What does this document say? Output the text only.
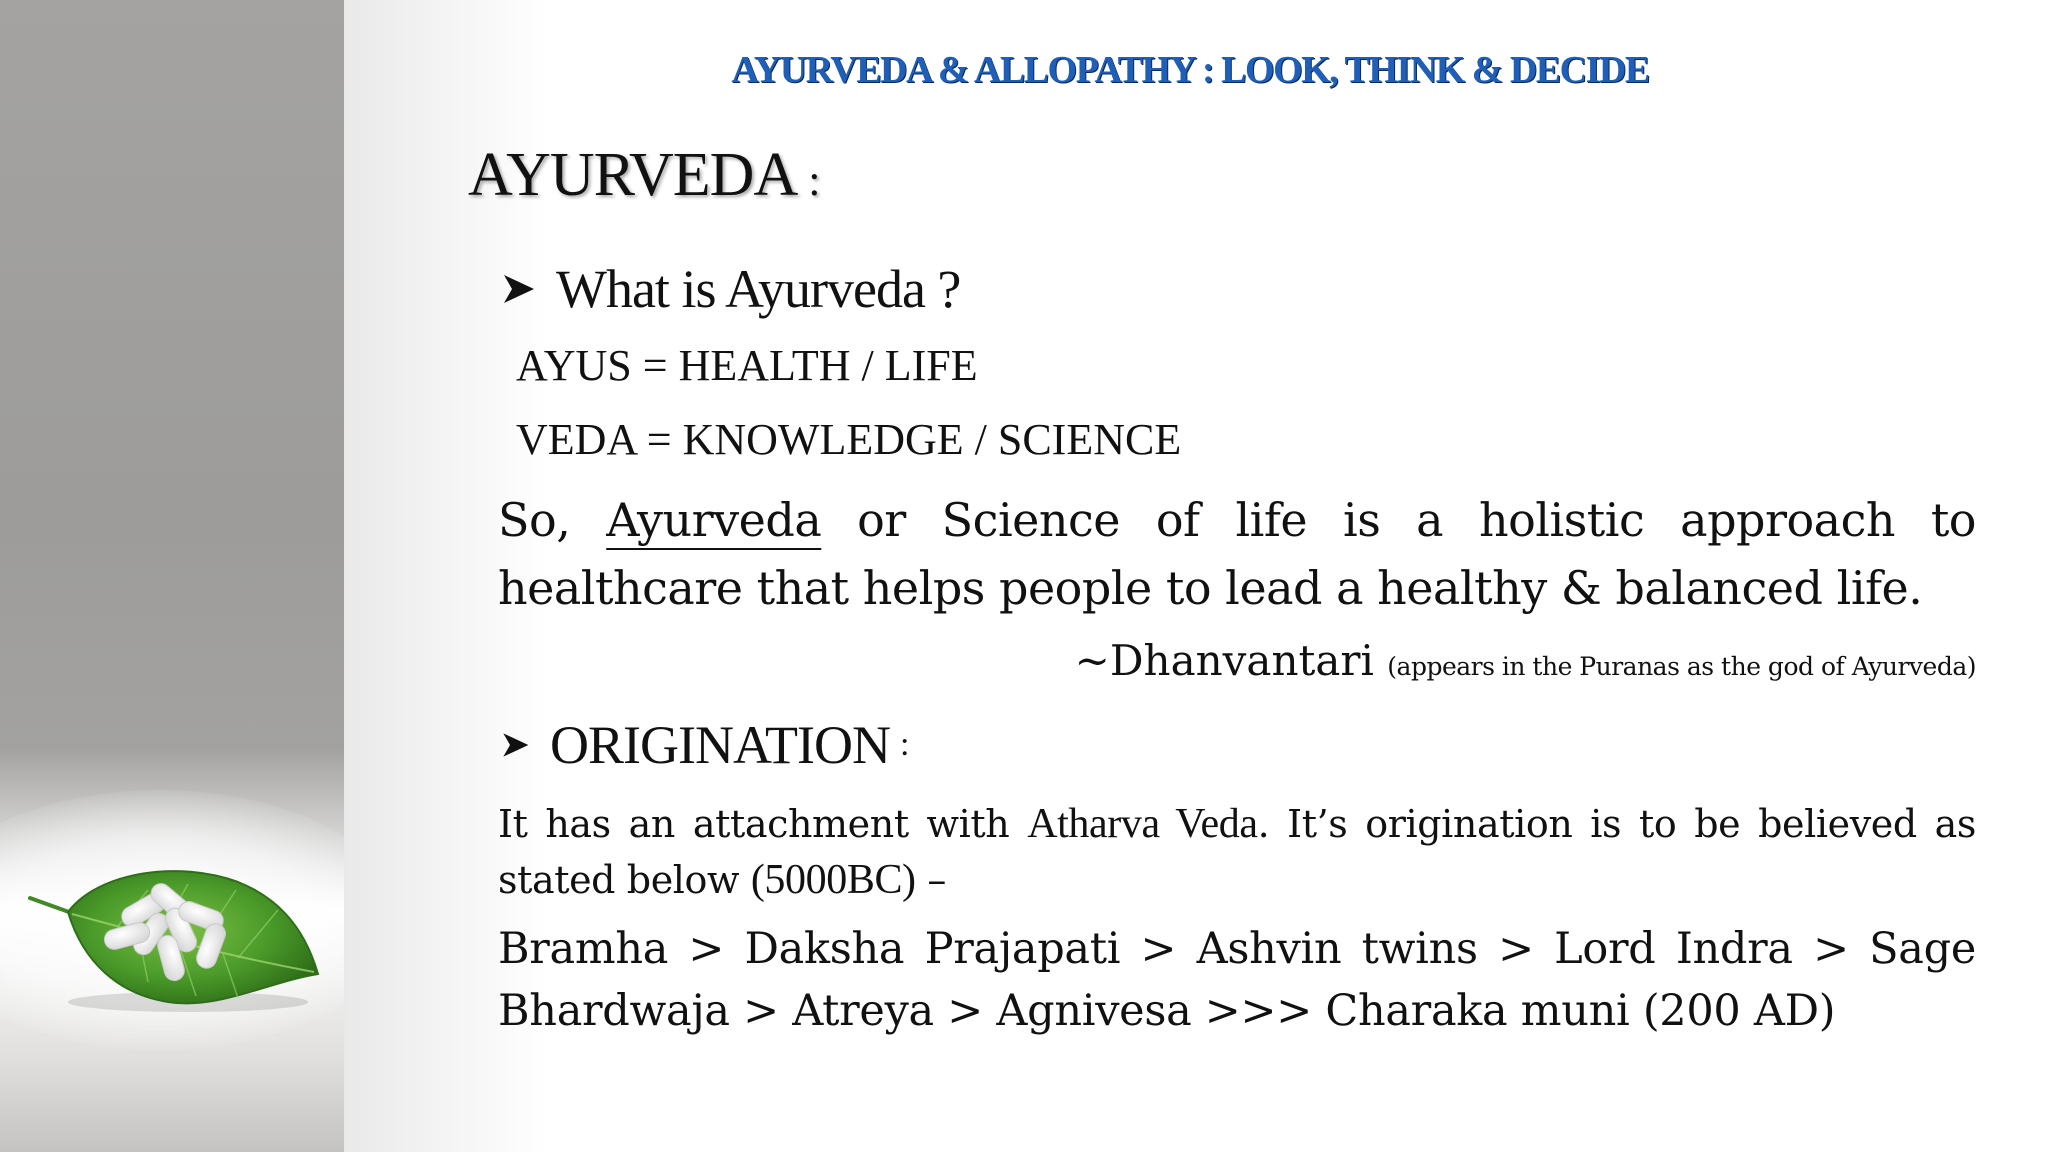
AYURVEDA & ALLOPATHY : LOOK, THINK & DECIDE
AYURVEDA :
What is Ayurveda ?
AYUS = HEALTH / LIFE
VEDA = KNOWLEDGE / SCIENCE
So, Ayurveda or Science of life is a holistic approach to healthcare that helps people to lead a healthy & balanced life.
~Dhanvantari (appears in the Puranas as the god of Ayurveda)
ORIGINATION :
It has an attachment with Atharva Veda. It’s origination is to be believed as stated below (5000BC) –
Bramha > Daksha Prajapati > Ashvin twins > Lord Indra > Sage Bhardwaja > Atreya > Agnivesa >>> Charaka muni (200 AD)
